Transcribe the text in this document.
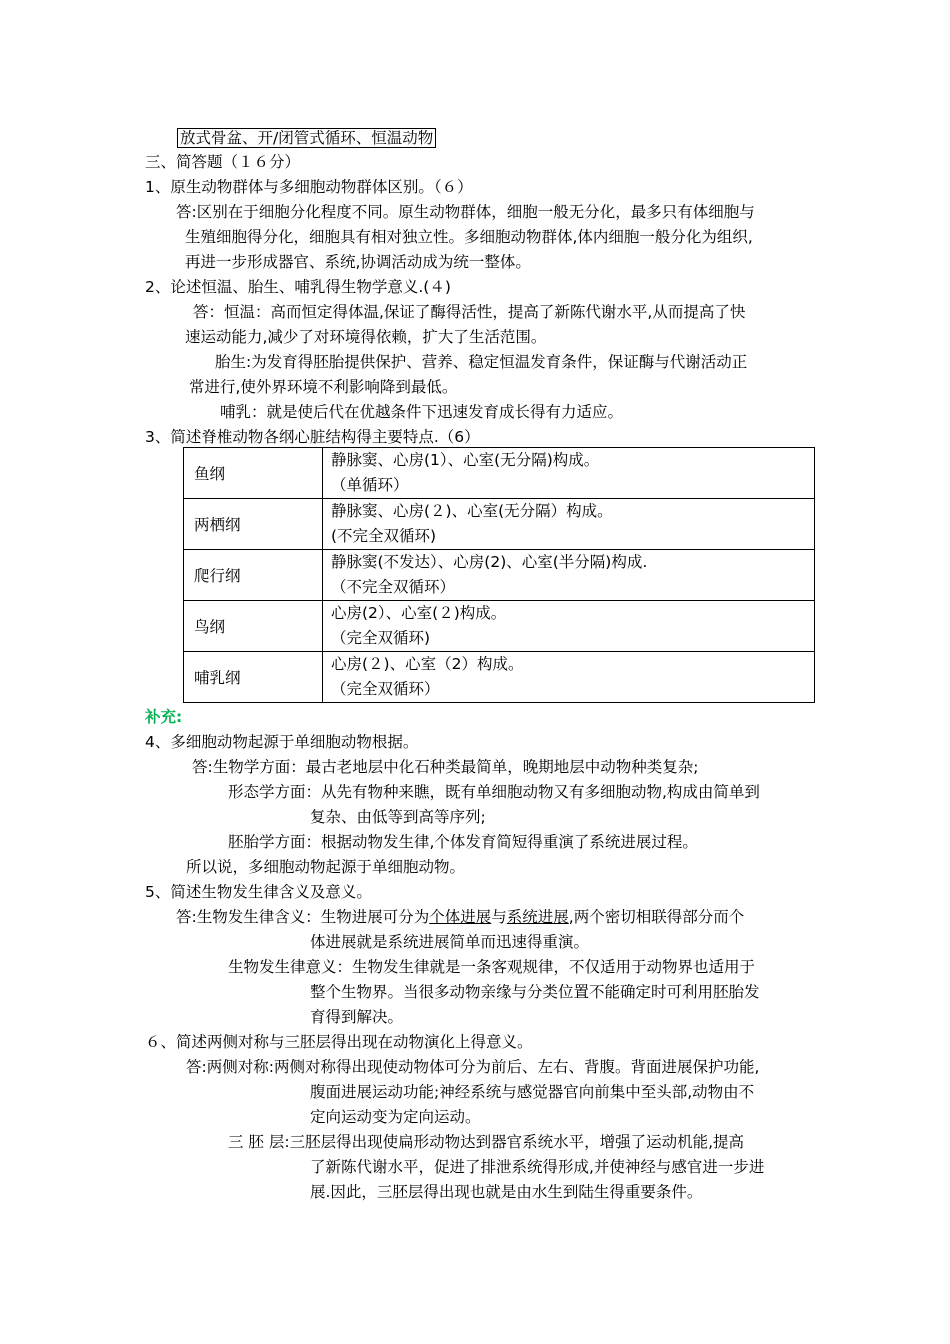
放式骨盆、开/闭管式循环、恒温动物
三、简答题（１６分）
1、原生动物群体与多细胞动物群体区别。（６）
答:区别在于细胞分化程度不同。原生动物群体，细胞一般无分化，最多只有体细胞与
生殖细胞得分化，细胞具有相对独立性。多细胞动物群体,体内细胞一般分化为组织,
再进一步形成器官、系统,协调活动成为统一整体。
2、论述恒温、胎生、哺乳得生物学意义.(４)
答：恒温：高而恒定得体温,保证了酶得活性，提高了新陈代谢水平,从而提高了快
速运动能力,减少了对环境得依赖，扩大了生活范围。
胎生:为发育得胚胎提供保护、营养、稳定恒温发育条件，保证酶与代谢活动正
常进行,使外界环境不利影响降到最低。
哺乳：就是使后代在优越条件下迅速发育成长得有力适应。
3、简述脊椎动物各纲心脏结构得主要特点.（6）
鱼纲	静脉窦、心房(1）、心室(无分隔)构成。
（单循环）

两栖纲	静脉窦、心房(２)、心室(无分隔）构成。
(不完全双循环)

爬行纲	静脉窦(不发达）、心房(2)、心室(半分隔)构成.
（不完全双循环）

鸟纲	心房(2）、心室(２)构成。
（完全双循环)

哺乳纲	心房(２)、心室（2）构成。
（完全双循环）
补充:
4、多细胞动物起源于单细胞动物根据。
答:生物学方面：最古老地层中化石种类最简单，晚期地层中动物种类复杂;
形态学方面：从先有物种来瞧，既有单细胞动物又有多细胞动物,构成由简单到
复杂、由低等到高等序列;
胚胎学方面：根据动物发生律,个体发育简短得重演了系统进展过程。
所以说，多细胞动物起源于单细胞动物。
5、简述生物发生律含义及意义。
答:生物发生律含义：生物进展可分为个体进展与系统进展,两个密切相联得部分而个
体进展就是系统进展简单而迅速得重演。
生物发生律意义：生物发生律就是一条客观规律，不仅适用于动物界也适用于
整个生物界。当很多动物亲缘与分类位置不能确定时可利用胚胎发
育得到解决。
６、简述两侧对称与三胚层得出现在动物演化上得意义。
答:两侧对称:两侧对称得出现使动物体可分为前后、左右、背腹。背面进展保护功能,
腹面进展运动功能;神经系统与感觉器官向前集中至头部,动物由不
定向运动变为定向运动。
三 胚 层:三胚层得出现使扁形动物达到器官系统水平，增强了运动机能,提高
了新陈代谢水平，促进了排泄系统得形成,并使神经与感官进一步进
展.因此，三胚层得出现也就是由水生到陆生得重要条件。
